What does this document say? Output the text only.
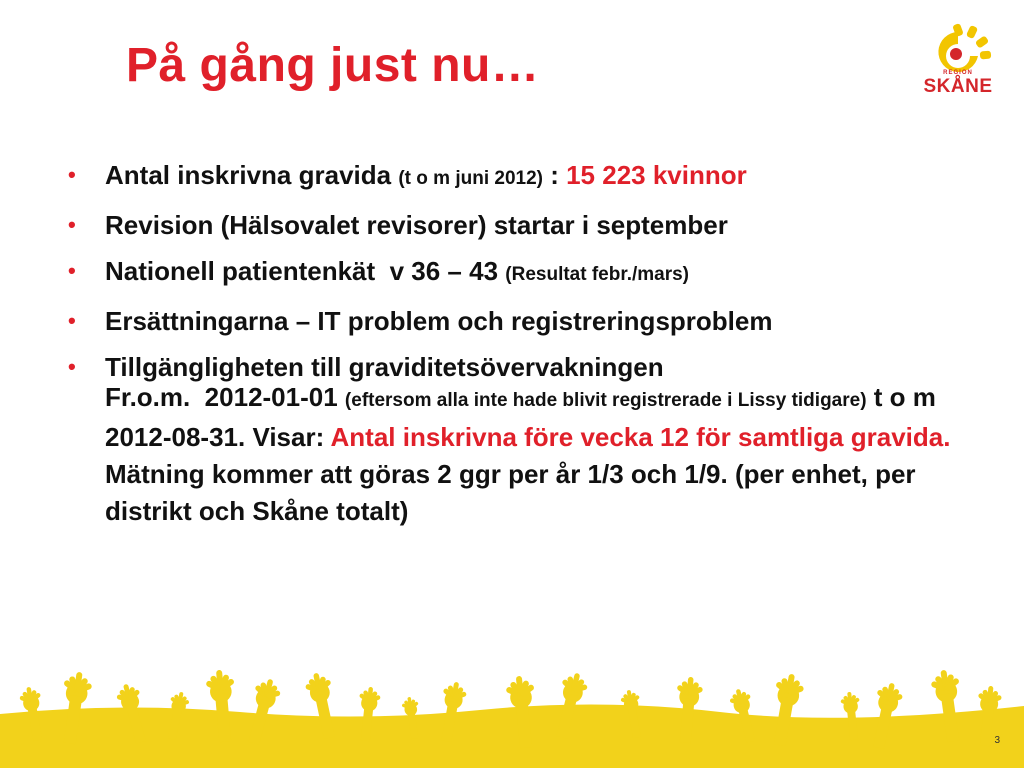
På gång just nu…	REGION
SKÅNE
• Antal inskrivna gravida (t o m juni 2012) : 15 223 kvinnor
• Revision (Hälsovalet revisorer) startar i september
• Nationell patientenkät  v 36 – 43 (Resultat febr./mars)
• Ersättningarna – IT problem och registreringsproblem
• Tillgängligheten till graviditetsövervakningen
Fr.o.m.  2012-01-01 (eftersom alla inte hade blivit registrerade i Lissy tidigare) t o m 2012-08-31. Visar: Antal inskrivna före vecka 12 för samtliga gravida. Mätning kommer att göras 2 ggr per år 1/3 och 1/9. (per enhet, per distrikt och Skåne totalt)
3
